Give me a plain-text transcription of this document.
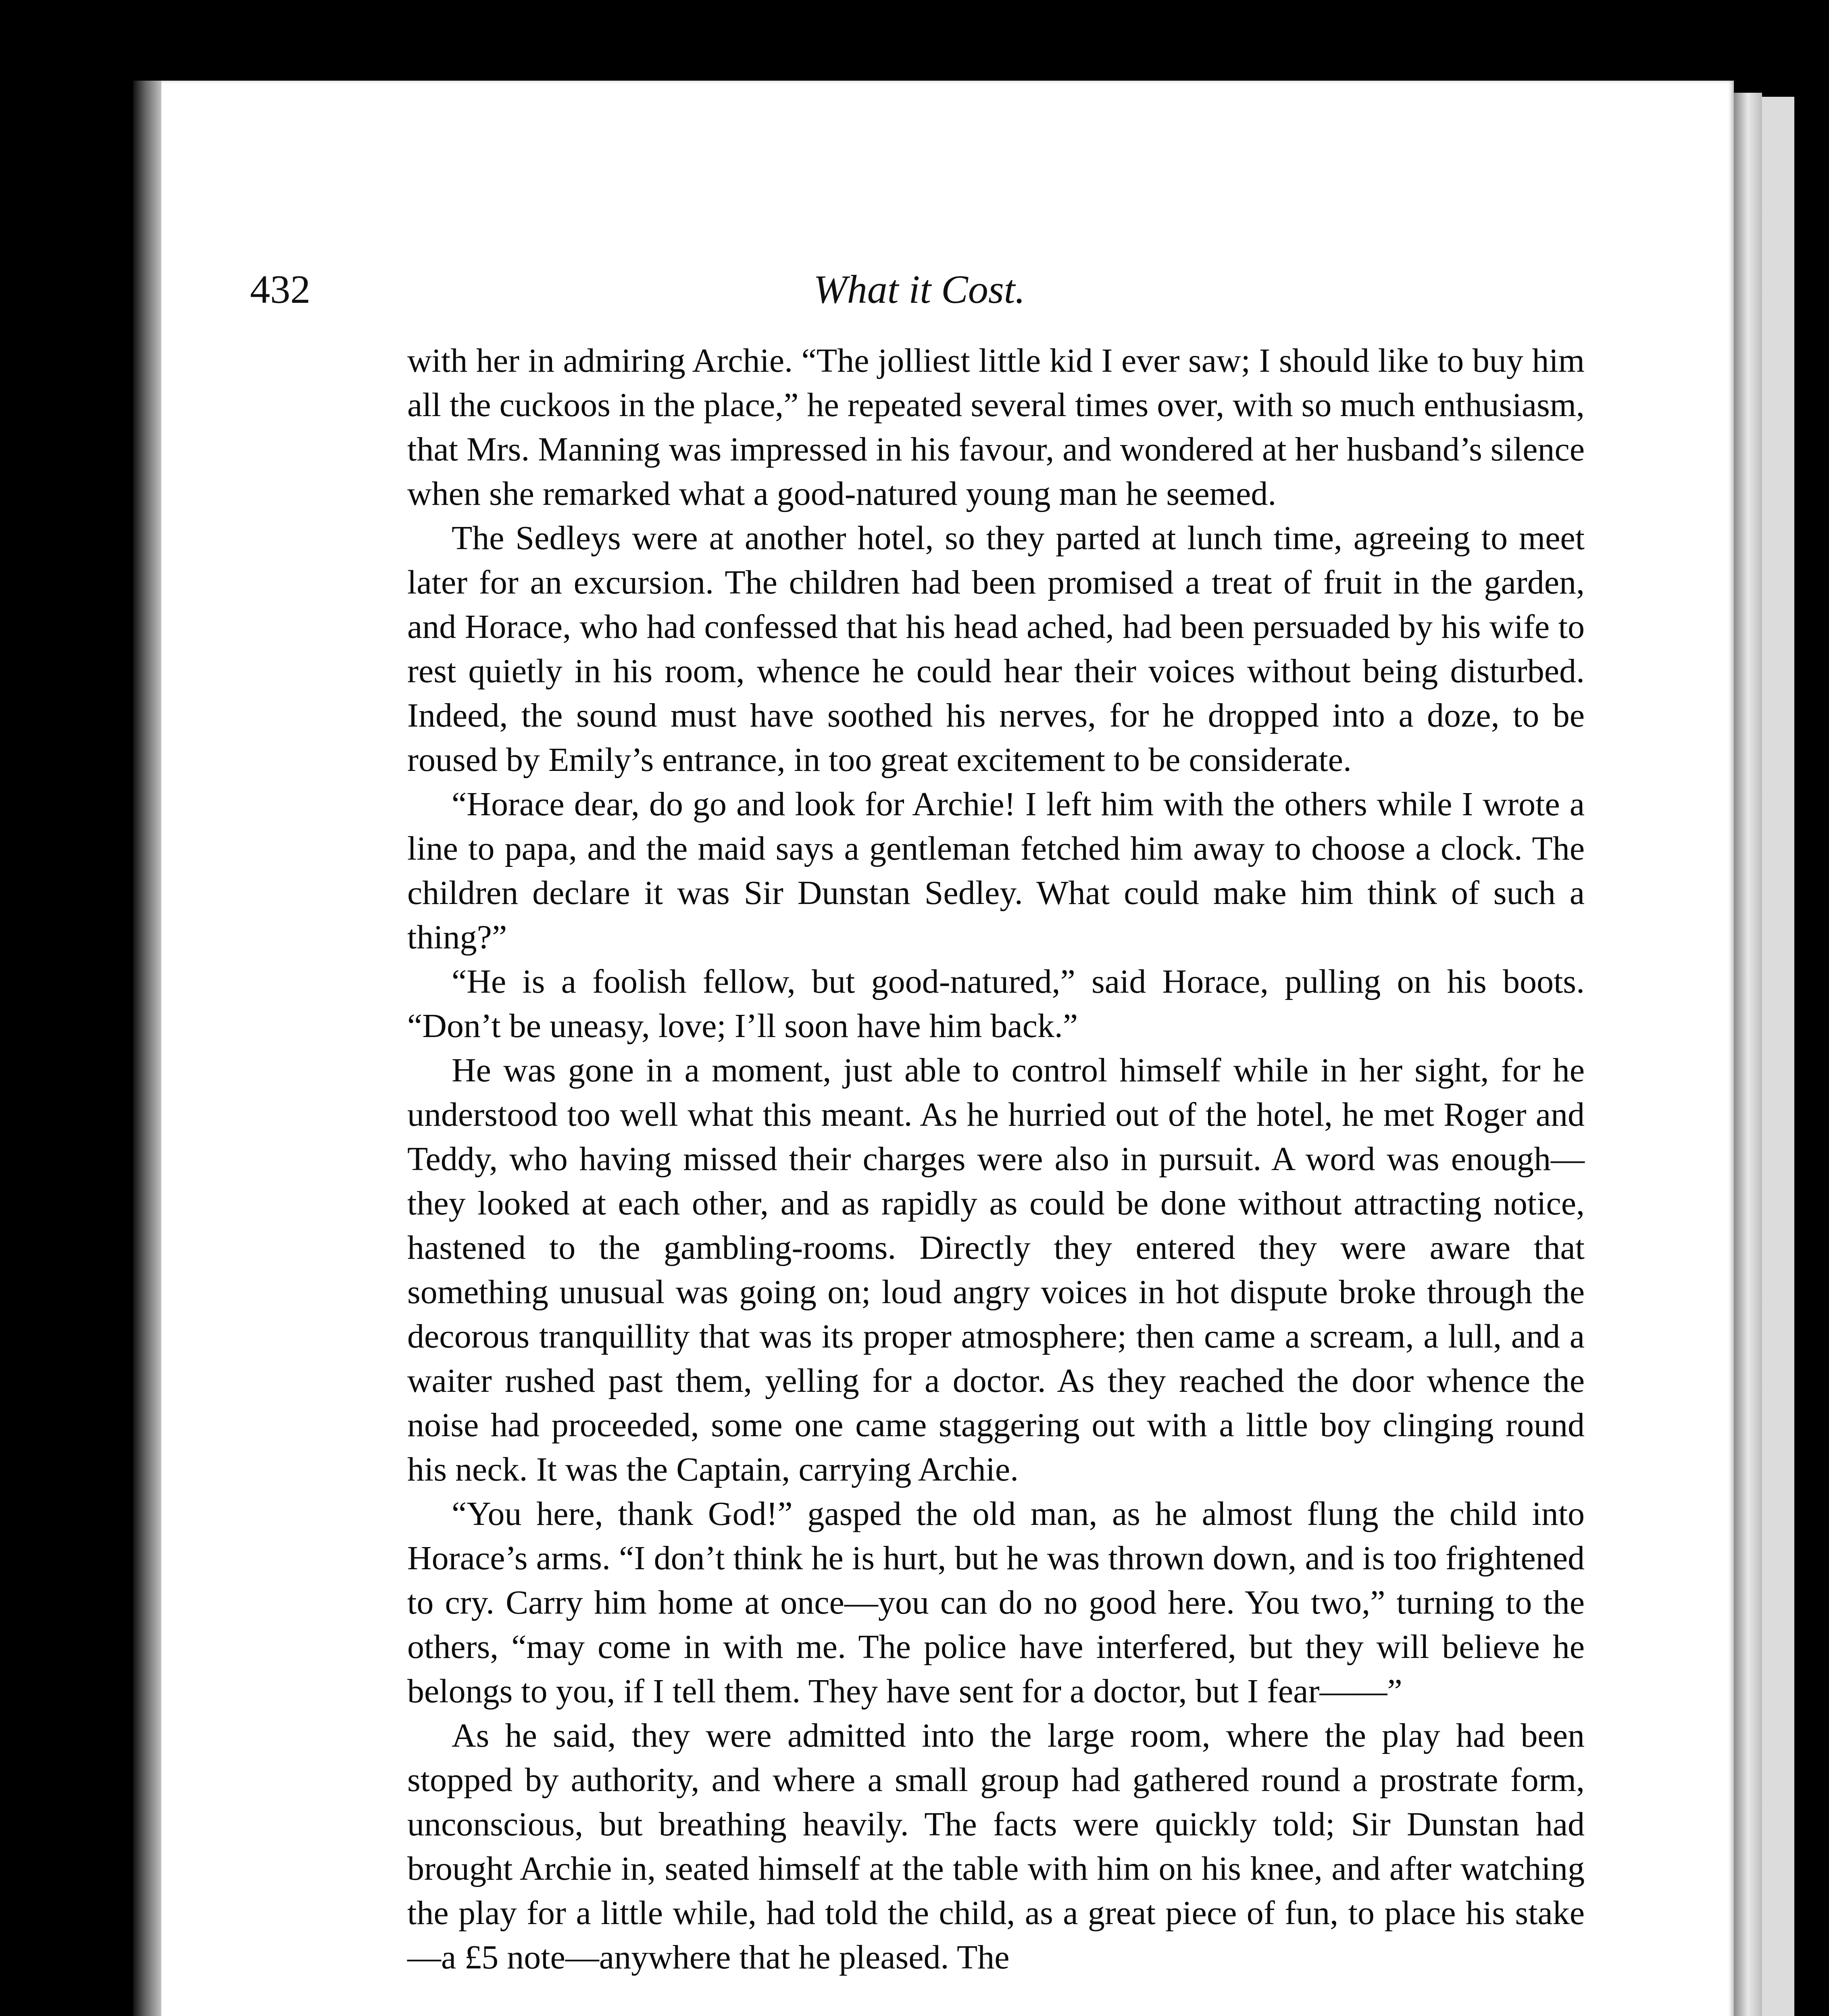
432	What it Cost.

with her in admiring Archie. “The jolliest little kid I ever saw; I should like to buy him all the cuckoos in the place,” he repeated several times over, with so much enthusiasm, that Mrs. Manning was impressed in his favour, and wondered at her husband’s silence when she remarked what a good-natured young man he seemed.

The Sedleys were at another hotel, so they parted at lunch time, agreeing to meet later for an excursion. The children had been promised a treat of fruit in the garden, and Horace, who had confessed that his head ached, had been persuaded by his wife to rest quietly in his room, whence he could hear their voices without being disturbed. Indeed, the sound must have soothed his nerves, for he dropped into a doze, to be roused by Emily’s entrance, in too great excitement to be considerate.

“Horace dear, do go and look for Archie! I left him with the others while I wrote a line to papa, and the maid says a gentleman fetched him away to choose a clock. The children declare it was Sir Dunstan Sedley. What could make him think of such a thing?”

“He is a foolish fellow, but good-natured,” said Horace, pulling on his boots. “Don’t be uneasy, love; I’ll soon have him back.”

He was gone in a moment, just able to control himself while in her sight, for he understood too well what this meant. As he hurried out of the hotel, he met Roger and Teddy, who having missed their charges were also in pursuit. A word was enough—they looked at each other, and as rapidly as could be done without attracting notice, hastened to the gambling-rooms. Directly they entered they were aware that something unusual was going on; loud angry voices in hot dispute broke through the decorous tranquillity that was its proper atmosphere; then came a scream, a lull, and a waiter rushed past them, yelling for a doctor. As they reached the door whence the noise had proceeded, some one came staggering out with a little boy clinging round his neck. It was the Captain, carrying Archie.

“You here, thank God!” gasped the old man, as he almost flung the child into Horace’s arms. “I don’t think he is hurt, but he was thrown down, and is too frightened to cry. Carry him home at once—you can do no good here. You two,” turning to the others, “may come in with me. The police have interfered, but they will believe he belongs to you, if I tell them. They have sent for a doctor, but I fear——”

As he said, they were admitted into the large room, where the play had been stopped by authority, and where a small group had gathered round a prostrate form, unconscious, but breathing heavily. The facts were quickly told; Sir Dunstan had brought Archie in, seated himself at the table with him on his knee, and after watching the play for a little while, had told the child, as a great piece of fun, to place his stake—a £5 note—anywhere that he pleased. The
